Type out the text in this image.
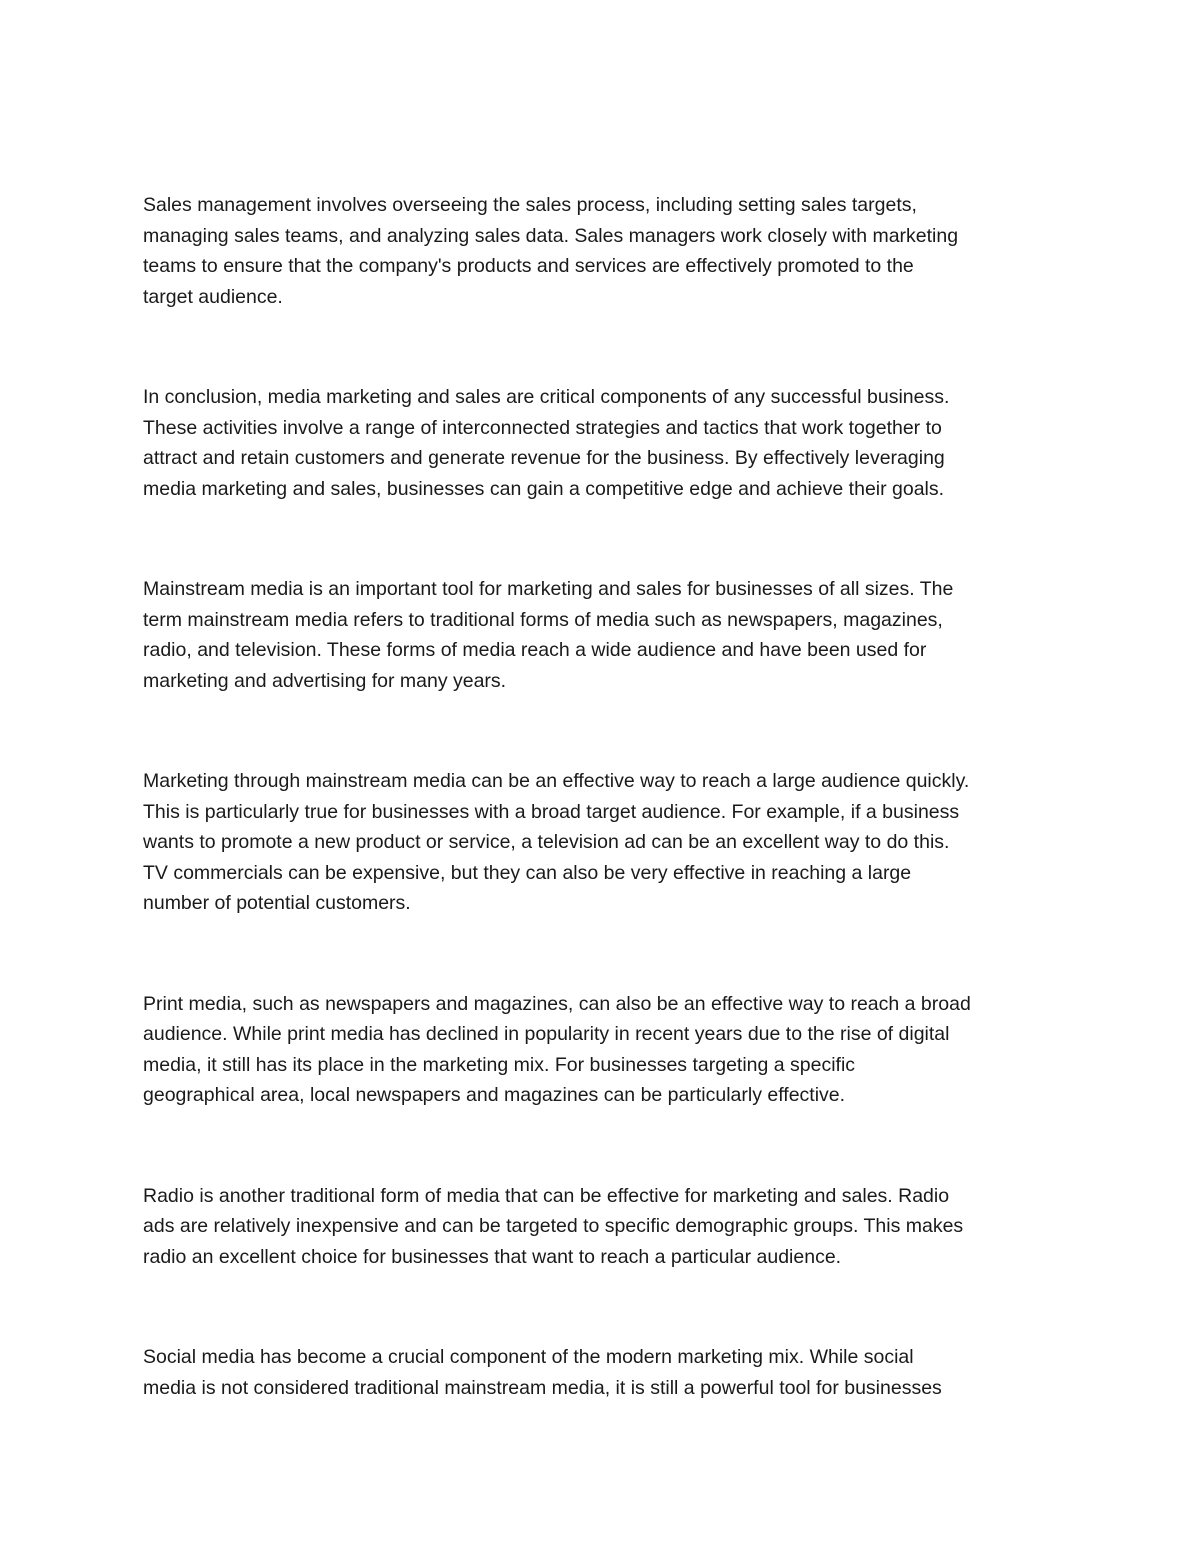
Sales management involves overseeing the sales process, including setting sales targets,
managing sales teams, and analyzing sales data. Sales managers work closely with marketing
teams to ensure that the company's products and services are effectively promoted to the
target audience.

In conclusion, media marketing and sales are critical components of any successful business.
These activities involve a range of interconnected strategies and tactics that work together to
attract and retain customers and generate revenue for the business. By effectively leveraging
media marketing and sales, businesses can gain a competitive edge and achieve their goals.

Mainstream media is an important tool for marketing and sales for businesses of all sizes. The
term mainstream media refers to traditional forms of media such as newspapers, magazines,
radio, and television. These forms of media reach a wide audience and have been used for
marketing and advertising for many years.

Marketing through mainstream media can be an effective way to reach a large audience quickly.
This is particularly true for businesses with a broad target audience. For example, if a business
wants to promote a new product or service, a television ad can be an excellent way to do this.
TV commercials can be expensive, but they can also be very effective in reaching a large
number of potential customers.

Print media, such as newspapers and magazines, can also be an effective way to reach a broad
audience. While print media has declined in popularity in recent years due to the rise of digital
media, it still has its place in the marketing mix. For businesses targeting a specific
geographical area, local newspapers and magazines can be particularly effective.

Radio is another traditional form of media that can be effective for marketing and sales. Radio
ads are relatively inexpensive and can be targeted to specific demographic groups. This makes
radio an excellent choice for businesses that want to reach a particular audience.

Social media has become a crucial component of the modern marketing mix. While social
media is not considered traditional mainstream media, it is still a powerful tool for businesses
